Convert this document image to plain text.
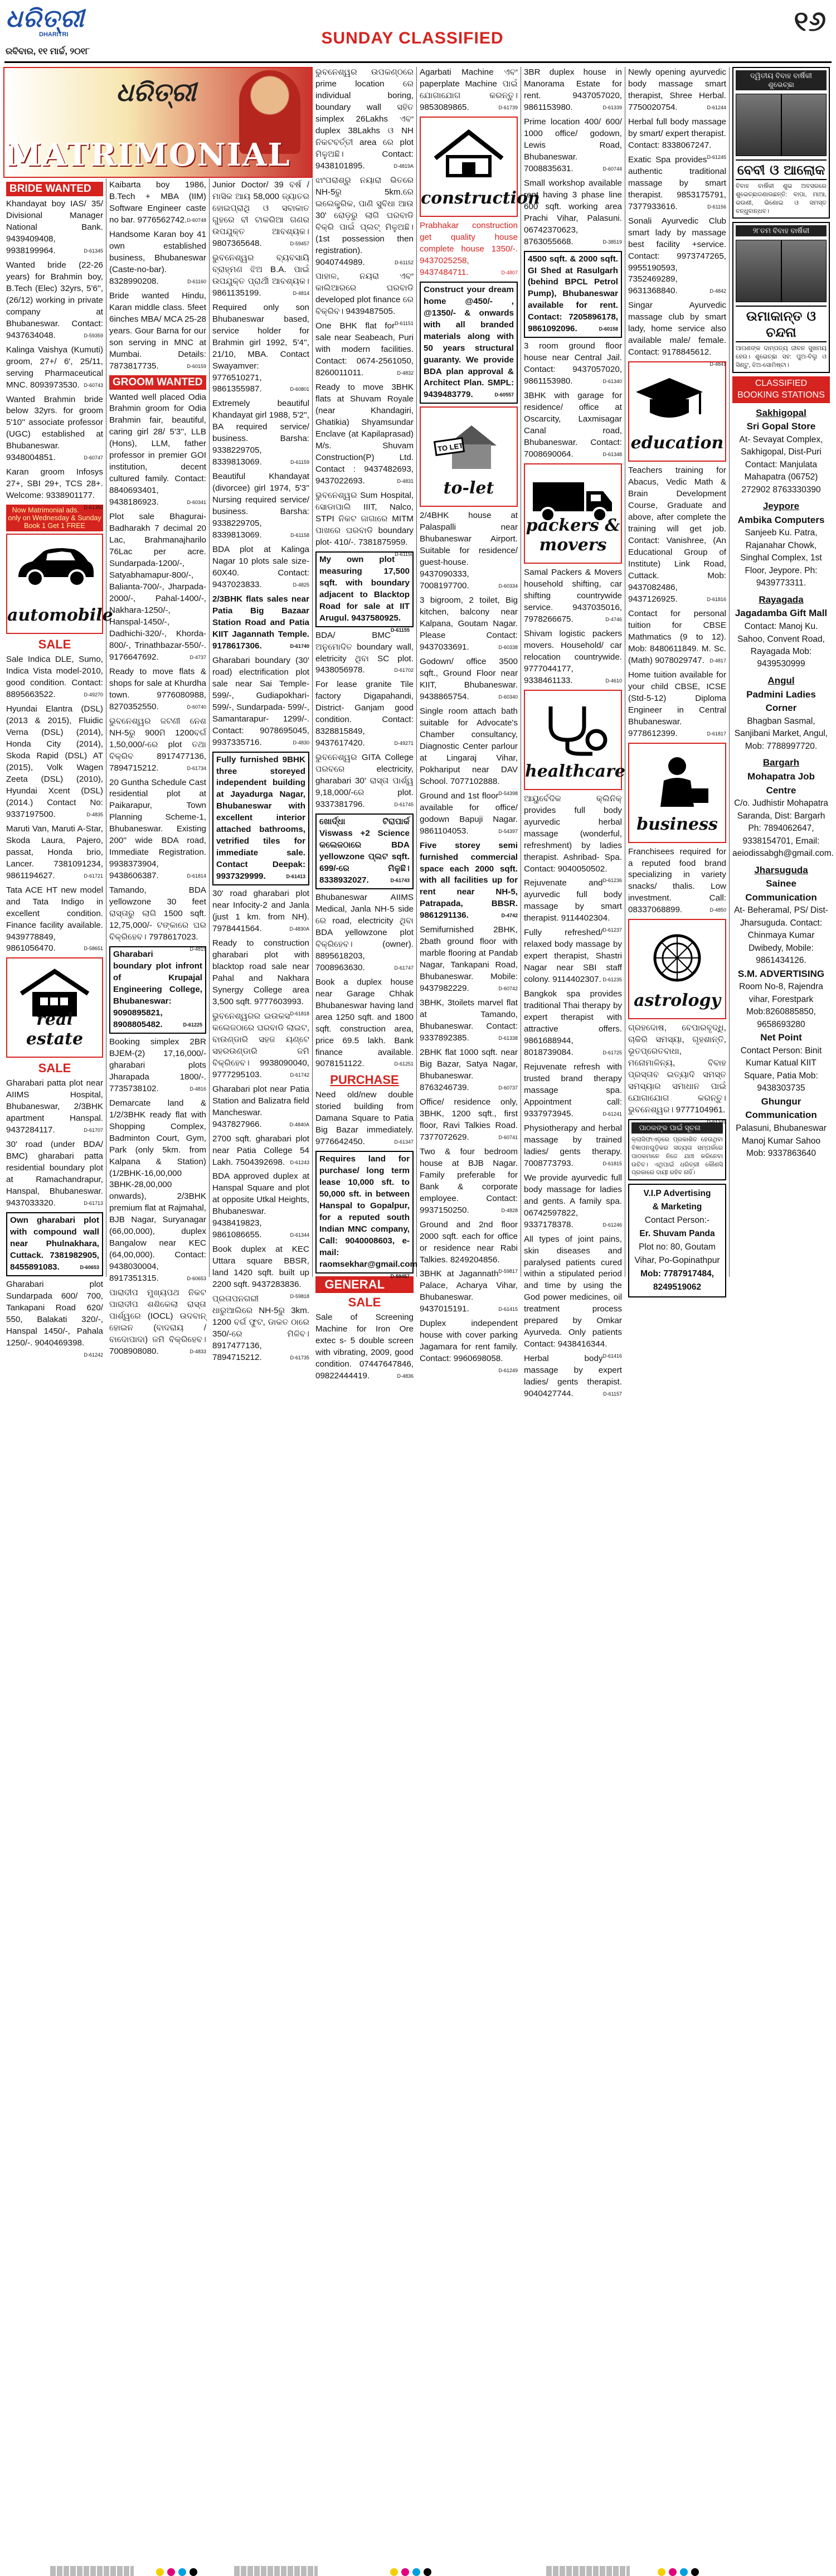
ଧରିତ୍ରୀ
DHARITRI
ରବିବାର, ୧୧ ମାର୍ଚ୍ଚ, ୨୦୧୮
SUNDAY CLASSIFIED
୧୬
BRIDE WANTED
Khandayat boy IAS/ 35/ Divisional Manager National Bank. 9439409408, 9938199964.	D-61345
Wanted bride (22-26 years) for Brahmin boy, B.Tech (Elec) 32yrs, 5'6'', (26/12) working in private company at Bhubaneswar. Contact: 9437634048.	D-59359
Kalinga Vaishya (Kumuti) groom, 27+/ 6', 25/11, serving Pharmaceutical MNC. 8093973530. D-60743
Wanted Brahmin bride below 32yrs. for groom 5'10'' associate professor (UGC) established at Bhubaneswar. 9348004851.	D-60747
Karan groom Infosys 27+, SBI 29+, TCS 28+. Welcome: 9338901177.
D-61350
Now Matrimonial ads. only on Wednesday & Sunday Book 1 Get 1 FREE
automobile
SALE
Sale Indica DLE, Sumo, Indica Vista model-2010, good condition. Contact: 8895663522.	D-49270
Hyundai Elantra (DSL) (2013 & 2015), Fluidic Verna (DSL) (2014), Honda City (2014), Skoda Rapid (DSL) AT (2015), Volk Wagen Zeeta (DSL) (2010), Hyundai Xcent (DSL) (2014.) Contact No: 9337197500.	D-4835
Maruti Van, Maruti A-Star, Skoda Laura, Pajero, passat, Honda brio, Lancer. 7381091234, 9861194627.	D-61721
Tata ACE HT new model and Tata Indigo in excellent condition. Finance facility available. 9439778849, 9861056470.	D-58651
real estate
SALE
Gharabari patta plot near AIIMS Hospital, Bhubaneswar, 2/3BHK apartment Hanspal. 9437284117.	D-61707
30' road (under BDA/ BMC) gharabari patta residential boundary plot at Ramachandrapur, Hanspal, Bhubaneswar. 9437033320.	D-61713
Own gharabari plot with compound wall near Phulnakhara, Cuttack. 7381982905, 8455891083.	D-60653
Gharabari plot Sundarpada 600/ 700, Tankapani Road 620/ 550, Balakati 320/-, Hanspal 1450/-, Pahala 1250/-. 9040469398.
D-61242
ଧରିତ୍ରୀ
MATRIMONIAL
Kaibarta boy 1986, B.Tech + MBA (IIM) Software Engineer caste no bar. 9776562742. D-60748
Handsome Karan boy 41 own established business, Bhubaneswar (Caste-no-bar). 8328990208.	D-61160
Bride wanted Hindu, Karan middle class. 5feet 6inches MBA/ MCA 25-28 years. Gour Barna for our son serving in MNC at Mumbai. Details: 7873817735.	D-60159
GROOM WANTED
Wanted well placed Odia Brahmin groom for Odia Brahmin fair, beautiful, caring girl 28/ 5'3'', LLB (Hons), LLM, father professor in premier GOI institution, decent cultured family. Contact: 8840693401, 9438186923.	D-60341
Plot sale Bhagurai-Badharakh 7 decimal 20 Lac, Brahmanajharilo 76Lac per acre. Sundarpada-1200/-, Satyabhamapur-800/-, Balianta-700/-, Jharpada-2000/-, Pahal-1400/-, Nakhara-1250/-, Hanspal-1450/-, Dadhichi-320/-, Khorda-800/-, Trinathbazar-550/-. 9176647692.	D-4737
Ready to move flats & shops for sale at Khurdha town. 9776080988, 8270352550.	D-60740
ଭୁବନେଶ୍ୱର ଜଟଣୀ ନେଶ NH-5ରୁ 900ମି 1200ବର୍ଗ 1,50,000/-ରେ plot ତଥା ବିକ୍ରିବ 8917477136, 7894715212.	D-61734
20 Guntha Schedule Cast residential plot at Paikarapur, Town Planning Scheme-1, Bhubaneswar. Existing 200'' wide BDA road, Immediate Registration. 9938373904, 9438606387.	D-61814
Tamando, BDA yellowzone 30 feet ରାସ୍ତାରୁ ଲାଗି 1500 sqft. 12,75,000/- ଟଙ୍କାରେ ଘର ବିକ୍ରିହେବ। 7978617023.
D-4815
Gharabari boundary plot infront of Krupajal Engineering College, Bhubaneswar: 9090895821, 8908805482.	D-61225
Booking simplex 2BR BJEM-(2) 17,16,000/- gharabari plots Jharapada 1800/-. 7735738102.	D-4816
Demarcate land & 1/2/3BHK ready flat with Shopping Complex, Badminton Court, Gym, Park (only 5km. from Kalpana & Station) (1/2BHK-16,00,000 3BHK-28,00,000 onwards), 2/3BHK premium flat at Rajmahal, BJB Nagar, Suryanagar (66,00,000), duplex Bangalow near KEC (64,00,000). Contact: 9438030004, 8917351315.	D-60653
ପାରାଦୀପ ମୁଖ୍ୟପଥ ନିକଟ ପାରାଦୀପ ଶଶିକେଲା ରାସ୍ତା ପାର୍ଶ୍ୱରେ (IOCL) ଉଦବାନ୍ ହୋଇନ (ବାଦରାୟ / ବାଦୋପାଦା) ଜମି ବିକ୍ରିହେବ। 7008908080.	D-4833
Junior Doctor/ 39 ବର୍ଷ / ମାସିକ ଆୟ 58,000 ଜ୍ୟାତର ହୋଇପ୍ରାଥି ଓ ସବାକାତ ଗୁହରେ ବୀ ଟାକରିଆ ଗଣର ଉପଯୁକ୍ତ ଆବଶ୍ୟକ। 9807365648.	D-59457
ଭୁବନେଶ୍ୱର ବ୍ୟବସାୟି ବ୍ରାହ୍ମଣ ଝିଅ B.A. ପାଇଁ ଉପଯୁକ୍ତ ପ୍ରାର୍ଥୀ ଆବଶ୍ୟକ। 9861135199.	D-4814
Required only son Bhubaneswar based, service holder for Brahmin girl 1992, 5'4'', 21/10, MBA. Contact Swayamver: 9776510271, 9861355987.	D-60801
Extremely beautiful Khandayat girl 1988, 5'2'', BA required service/ business. Barsha: 9338229705, 8339813069.	D-61159
Beautiful Khandayat (divorcee) girl 1974, 5'3'' Nursing required service/ business. Barsha: 9338229705, 8339813069.	D-61158
BDA plot at Kalinga Nagar 10 plots sale size- 60X40. Contact: 9437023833.	D-4825
2/3BHK flats sales near Patia Big Bazaar Station Road and Patia KIIT Jagannath Temple. 9178617306.	D-61740
Gharabari boundary (30' road) electrification plot sale near Sai Temple-599/-, Gudiapokhari-599/-, Sundarpada- 599/-, Samantarapur- 1299/-. Contact: 9078695045, 9937335716.	D-4830
Fully furnished 9BHK three storeyed independent building at Jayadurga Nagar, Bhubaneswar with excellent interior attached bathrooms, vetrified tiles for immediate sale. Contact Deepak: 9937329999.	D-61413
30' road gharabari plot near Infocity-2 and Janla (just 1 km. from NH). 7978441564.	D-4830A
Ready to construction gharabari plot with blacktop road sale near Pahal and Nakhara Synergy College area 3,500 sqft. 9777603993.
D-61818
ଭୁବନେଶ୍ୱରର ଇଉକସ କଲେଜଠାରେ ଘରବାଡି ଲାଇଟ, ବାଉଣ୍ଡାରି ସହଜ ୟଣ୍ଟେ ସହରଉଣ୍ଡାରି ଜମି ବିକ୍ରିହେବ। 9938090040, 9777295103.	D-61742
Gharabari plot near Patia Station and Balizatra field Mancheswar. 9437827966.	D-4840A
2700 sqft. gharabari plot near Patia College 54 Lakh. 7504392698. D-61243
BDA approved duplex at Hanspal Square and plot at opposite Utkal Heights, Bhubaneswar. 9438419823, 9861086655.	D-61344
Book duplex at KEC Uttara square BBSR, land 1420 sqft. built up 2200 sqft. 9437283836.
D-59818
ପ୍ରତାପନଗରୀ ଧାରୁଆଲିରେ NH-5ରୁ 3km. 1200 ବର୍ଗ ଫୁଟ, ଡାକତ ଠାରେ 350/-ରେ ମିଳିବ। 8917477136, 7894715212.	D-61735
ଭୁବନେଶ୍ୱର ଉପକଣ୍ଠରେ prime location ରେ individual boring, boundary wall ସହିତ simplex 26Lakhs ଏବଂ duplex 38Lakhs ଓ NH ନିକଟବର୍ତ୍ତୀ area ରେ plot ମିଳୁଅଛି। Contact: 9438101895.	D-4819A
ଝାଂପରାଶ୍ରୁ ନୟାରା ଭିତରେ NH-5ରୁ 5km.ରେ ଇଲେକ୍ଟ୍ରିକ, ପାଣି ସୁବିଧା ଆଉ 30' ରୋଡ଼ରୁ ଲାଗି ଘରବାଡି ବିକ୍ରି ପାଇଁ ପ୍ଲଟ୍ ମିଳୁଅଛି। (1st possession then registration). 9040744989.	D-61152
ପାହାଳ, ନୟରା ଏବଂ କାଲିଆରରେ ଘରବାଡି developed plot finance ରେ ବିକ୍ରିବ। 9439487505.
D-61151
One BHK flat for sale near Seabeach, Puri with modern facilities. Contact: 0674-2561050, 8260011011.	D-4832
Ready to move 3BHK flats at Shuvam Royale (near Khandagiri, Ghatikia) Shyamsundar Enclave (at Kapilaprasad) M/s. Shuvam Construction(P) Ltd. Contact : 9437482693, 9437022693.	D-4831
ଭୁବନେଶ୍ୱର Sum Hospital, ସୋଡାପାଲି IIIT, Nalco, STPI ନିକଟ ଜାଗାରେ MITM ପାଖରେ ଘରବାଡି boundary plot- 410/-. 7381875959.
D-61150
My own plot measuring 17,500 sqft. with boundary adjacent to Blacktop Road for sale at IIT Arugul. 9437580925.
D-61155
BDA/ BMC ଅନୁମୋଦିତ boundary wall, eletricity ଥିବା SC plot. 9438056978.	D-61702
For lease granite Tile factory Digapahandi, District- Ganjam good condition. Contact: 8328815849, 9437617420.	D-49271
ଭୁବନେଶ୍ୱର GITA College ପରବରେ electricity, gharabari 30' ରାସ୍ତା ପାର୍ଶ୍ୱ 9,18,000/-ରେ plot. 9337381796.	D-61745
ଖୋର୍ଦ୍ଧା ଟିରାପାର୍କ Viswass +2 Science କଲେଜଠାରେ BDA yellowzone ପ୍ଲଟ sqft. 699/-ରେ ମିଳୁଛି। 8338932027.	D-61743
Bhubaneswar AIIMS Medical, Janla NH-5 side ରେ road, electricity ଥିବା BDA yellowzone plot ବିକ୍ରିହେବ। (owner). 8895618203, 7008963630.	D-61747
Book a duplex house near Garage Chhak Bhubaneswar having land area 1250 sqft. and 1800 sqft. construction area, price 69.5 lakh. Bank finance available. 9078151122.	D-61251
PURCHASE
Need old/new double storied building from Damana Square to Patia Big Bazar immediately. 9776642450.	D-61347
Requires land for purchase/ long term lease 10,000 sft. to 50,000 sft. in between Hanspal to Gopalpur, for a reputed south Indian MNC company, Call: 9040008603, e-mail: raomsekhar@gmail.com
D-59457
GENERAL
SALE
Sale of Screening Machine for Iron Ore extec s- 5 double screen with vibrating, 2009, good condition. 07447647846, 09822444419.	D-4836
Agarbati Machine ଏବଂ paperplate Machine ପାଇଁ ଯୋଗାଯୋଗ କରନ୍ତୁ। 9853089865.	D-61739
construction
Prabhakar construction get quality house complete house 1350/-. 9437025258, 9437484711.	D-4807
Construct your dream home @450/- , @1350/- & onwards with all branded materials along with 50 years structural guaranty. We provide BDA plan approval & Architect Plan. SMPL: 9439483779.	D-60557
TO LET
to-let
2/4BHK house at Palaspalli near Bhubaneswar Airport. Suitable for residence/ guest-house. 9437090333, 7008197700.	D-60334
3 bigroom, 2 toilet, Big kitchen, balcony near Kalpana, Goutam Nagar. Please Contact: 9437033691.	D-60338
Godown/ office 3500 sqft., Ground Floor near KIIT, Bhubaneswar. 9438865754.	D-60340
Single room attach bath suitable for Advocate's Chamber consultancy, Diagnostic Center parlour at Lingaraj Vihar, Pokhariput near DAV School. 7077102888.
D-54398
Ground and 1st floor available for office/ godown Bapuji Nagar. 9861104053.	D-54397
Five storey semi furnished commercial space each 2000 sqft. with all facilities up for rent near NH-5, Patrapada, BBSR. 9861291136.	D-4742
Semifurnished 2BHK, 2bath ground floor with marble flooring at Pandab Nagar, Tankapani Road, Bhubaneswar. Mobile: 9437982229.	D-60742
3BHK, 3toilets marvel flat at Tamando, Bhubaneswar. Contact: 9337892385.	D-61338
2BHK flat 1000 sqft. near Big Bazar, Satya Nagar, Bhubaneswar. 8763246739.	D-60737
Office/ residence only, 3BHK, 1200 sqft., first floor, Ravi Talkies Road. 7377072629.	D-60741
Two & four bedroom house at BJB Nagar. Family preferable for Bank & corporate employee. Contact: 9937150250.	D-4828
Ground and 2nd floor 2000 sqft. each for office or residence near Rabi Talkies. 8249204856.
D-59817
3BHK at Jagannath Palace, Acharya Vihar, Bhubaneswar. 9437015191.	D-61415
Duplex independent house with cover parking Jagamara for rent family. Contact: 9960698058.
D-61249
3BR duplex house in Manorama Estate for rent. 9437057020, 9861153980.	D-61339
Prime location 400/ 600/ 1000 office/ godown, Lewis Road, Bhubaneswar. 7008835631.	D-60744
Small workshop available rent having 3 phase line 600 sqft. working area Prachi Vihar, Palasuni. 06742370623, 8763055668.	D-38519
4500 sqft. & 2000 sqft. GI Shed at Rasulgarh (behind BPCL Petrol Pump), Bhubaneswar available for rent. Contact: 7205896178, 9861092096.	D-60158
3 room ground floor house near Central Jail. Contact: 9437057020, 9861153980.	D-61340
3BHK with garage for residence/ office at Oscarcity, Laxmisagar Canal road, Bhubaneswar. Contact: 7008690064.	D-61348
packers & movers
Samal Packers & Movers household shifting, car shifting countrywide service. 9437035016, 7978266675.	D-4746
Shivam logistic packers movers. Household/ car relocation countrywide. 9777044177, 9338461133.	D-4610
healthcare
ଆୟୁର୍ବେଦିକ କ୍ଲିନିକ୍ provides full body ayurvedic herbal massage (wonderful, refreshment) by ladies therapist. Ashribad- Spa. Contact: 9040050502.
D-61236
Rejuvenate and ayurvedic full body massage by smart therapist. 9114402304.
D-61237
Fully refreshed/ relaxed body massage by expert therapist, Shastri Nagar near SBI staff colony. 9114402307. D-61235
Bangkok spa provides traditional Thai therapy by expert therapist with attractive offers. 9861688944, 8018739084.	D-61725
Rejuvenate refresh with trusted brand therapy massage spa. Appointment call: 9337973945.	D-61241
Physiotherapy and herbal massage by trained ladies/ gents therapy. 7008773793.	D-61815
We provide ayurvedic full body massage for ladies and gents. A family spa. 06742597822, 9337178378.	D-61246
All types of joint pains, skin diseases and paralysed patients cured within a stipulated period and time by using the God power medicines, oil treatment process prepared by Omkar Ayurveda. Only patients Contact: 9438416344.
D-61416
Herbal body massage by expert ladies/ gents therapist. 9040427744.	D-61157
Newly opening ayurvedic body massage smart therapist, Shree Herbal. 7750020754.	D-61244
Herbal full body massage by smart/ expert therapist. Contact: 8338067247.
D-61245
Exatic Spa provides authentic traditional massage by smart therapist. 9853175791, 7377933616.	D-61156
Sonali Ayurvedic Club smart lady by massage best facility +service. Contact: 9973747265, 9955190593, 7352469289, 9631368840.	D-4842
Singar Ayurvedic massage club by smart lady, home service also available male/ female. Contact: 9178845612.
D-4841
education
Teachers training for Abacus, Vedic Math & Brain Development Course, Graduate and above, after complete the training will get job. Contact: Vanishree, (An Educational Group of Institute) Link Road, Cuttack. Mob: 9437082486, 9437126925.	D-61816
Contact for personal tuition for CBSE Mathmatics (9 to 12). Mob: 8480611849. M. Sc. (Math) 9078029747. D-4817
Home tuition available for your child CBSE, ICSE (Std-5-12) Diploma Engineer in Central Bhubaneswar. 9778612399.	D-61817
business
Franchisees required for a reputed food brand specializing in variety snacks/ thalis. Low investment. Call: 08337068899.	D-4850
astrology
ଗ୍ରହଦୋଷ, ବେପାରବୃଦ୍ଧି, ଚାକିରି ସମସ୍ୟା, ଗୃହଶାନ୍ତି, ଭୂତପ୍ରେତବାଧା, ମନୋମାଳିନ୍ୟ, ବିବାହ ପ୍ରସ୍ତାବ ଇତ୍ୟାଦି ସମସ୍ତ ସମସ୍ୟାର ସମାଧାନ ପାଇଁ ଯୋଗାଯୋଗ କରନ୍ତୁ। ଭୁବନେଶ୍ୱର। 9777104961.
D-61349
ପାଠକଙ୍କ ପାଇଁ ସୂଚନା
କ୍ଲାସିଫାଏଡ଼ରେ ପ୍ରକାଶିତ ହେଉଥିବା ବିଜ୍ଞାପନଗୁଡ଼ିକର ସତ୍ୟତା ସମ୍ପର୍କରେ ପାଠକମାନେ ନିଜେ ଯାଞ୍ଚ କରିନେବା ଉଚିତ। ଏଥିପାଇଁ ଧରିତ୍ରୀ କୌଣସି ପ୍ରକାରେ ଦାୟୀ ରହିବ ନାହିଁ।
V.I.P Advertising
& Marketing
Contact Person:-
Er. Shuvam Panda
Plot no: 80, Goutam Vihar, Po-Gopinathpur
Mob: 7787917484, 8249519062
ଦ୍ୱିତୀୟ ବିବାହ ବାର୍ଷିକୀ ଶୁଭେଚ୍ଛା
ବେବୀ ଓ ଆଲୋକ
ବିବାହ ବାର୍ଷିକୀ ଶୁଭ ଅବସରରେ ଶୁଭେଚ୍ଛାଜଣାଉଛନ୍ତି: ବାପା, ମାଆ, ଭଉଣୀ, ଭିଣୋଇ ଓ ସମସ୍ତ ବନ୍ଧୁବାନ୍ଧବ।
୨୮ତମ ବିବାହ ବାର୍ଷିକୀ
ଉମାକାନ୍ତ ଓ ଚନ୍ଦନା
ଆପଣଙ୍କ ଦାମ୍ପତ୍ୟ ଜୀବନ ସୁଖମୟ ହେଉ। ଶୁଭେଚ୍ଛା ସହ: ପୁଅ-ବିଲୁ ଓ ସିଣ୍ଟୁ, ଝିଅ-ସୋମିଷ୍ଟା।
CLASSIFIED BOOKING STATIONS
Sakhigopal
Sri Gopal Store
At- Sevayat Complex, Sakhigopal, Dist-Puri Contact: Manjulata Mahapatra (06752) 272902 8763330390
Jeypore
Ambika Computers
Sanjeeb Ku. Patra, Rajanahar Chowk, Singhal Complex, 1st Floor, Jeypore. Ph: 9439773311.
Rayagada
Jagadamba Gift Mall
Contact: Manoj Ku. Sahoo, Convent Road, Rayagada Mob: 9439530999
Angul
Padmini Ladies Corner
Bhagban Sasmal, Sanjibani Market, Angul, Mob: 7788997720.
Bargarh
Mohapatra Job Centre
C/o. Judhistir Mohapatra Saranda, Dist: Bargarh Ph: 7894062647, 9338154701, Email: aeiodissabgh@gmail.com.
Jharsuguda
Sainee Communication
At- Beheramal, PS/ Dist- Jharsuguda. Contact: Chinmaya Kumar Dwibedy, Mobile: 9861434126.
S.M. ADVERTISING
Room No-8, Rajendra vihar, Forestpark Mob:8260885850, 9658693280
Net Point
Contact Person: Binit Kumar Katual KIIT Square, Patia Mob: 9438303735
Ghungur Communication
Palasuni, Bhubaneswar Manoj Kumar Sahoo Mob: 9337863640
